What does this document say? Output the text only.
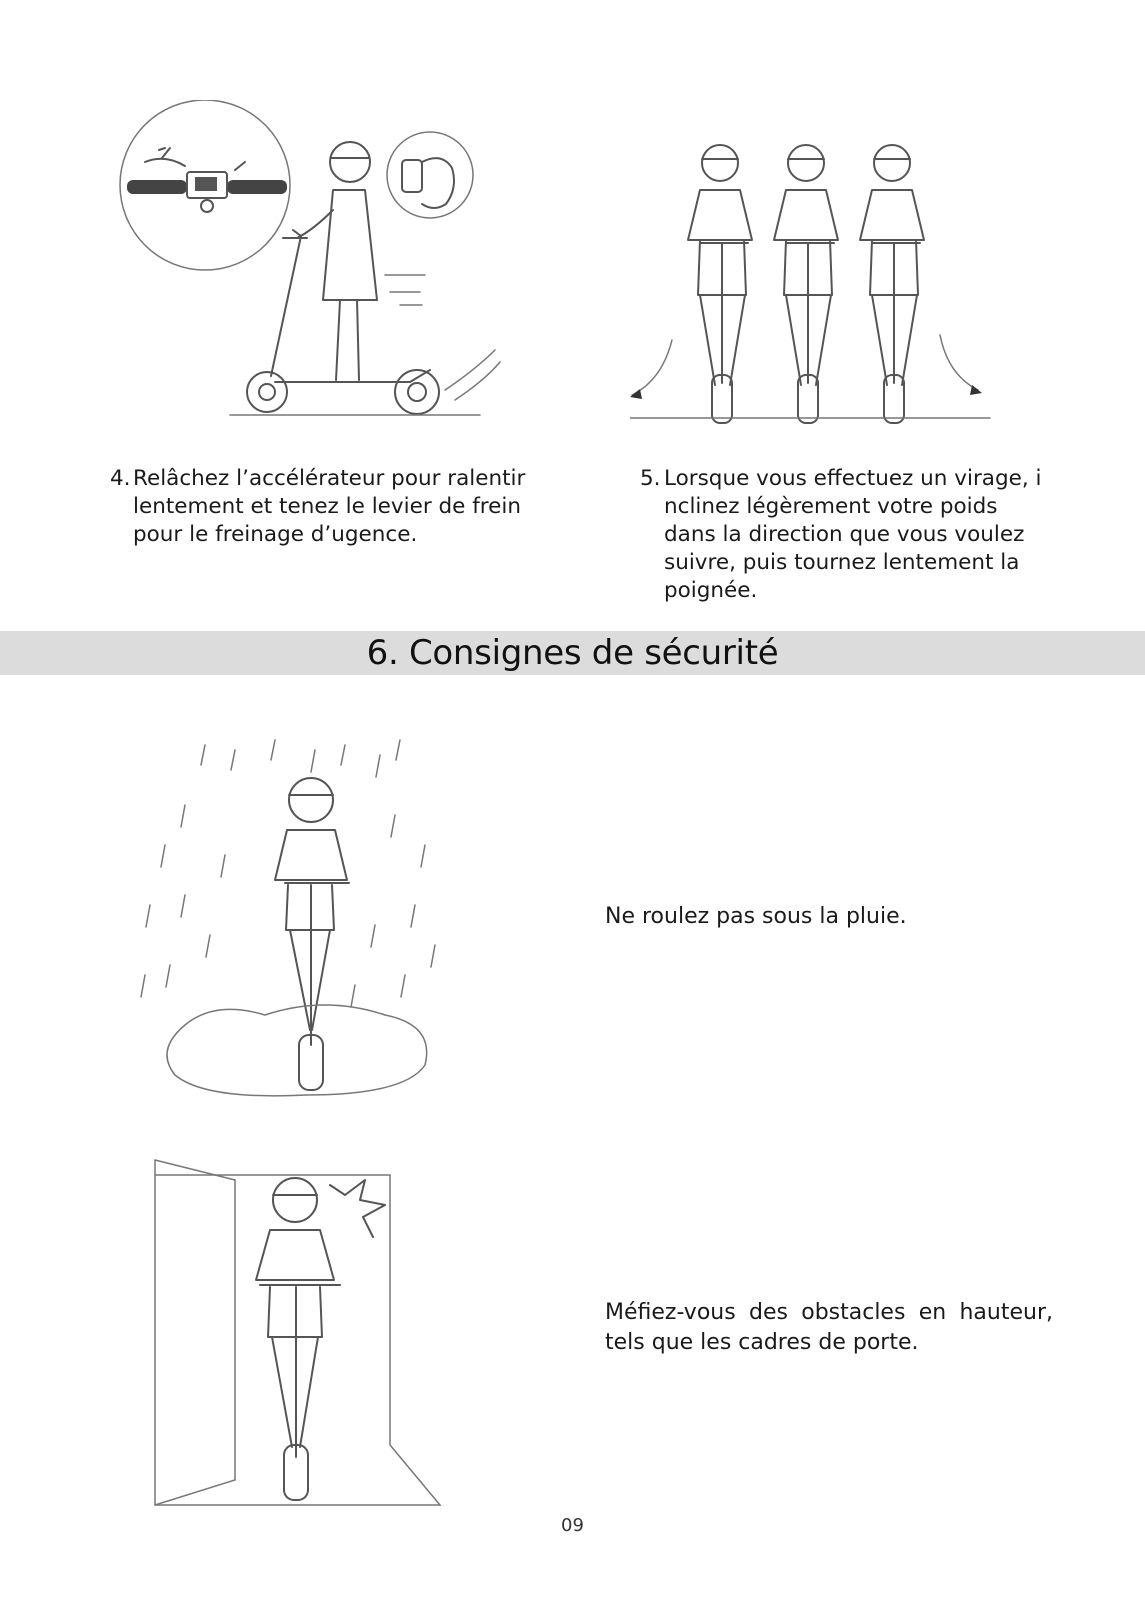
4. Relâchez l’accélérateur pour ralentir
lentement et tenez le levier de frein
pour le freinage d’ugence.
5. Lorsque vous effectuez un virage, i
nclinez légèrement votre poids
dans la direction que vous voulez
suivre, puis tournez lentement la
poignée.
6. Consignes de sécurité
Ne roulez pas sous la pluie.
Méfiez-vous des obstacles en hauteur, tels que les cadres de porte.
09
